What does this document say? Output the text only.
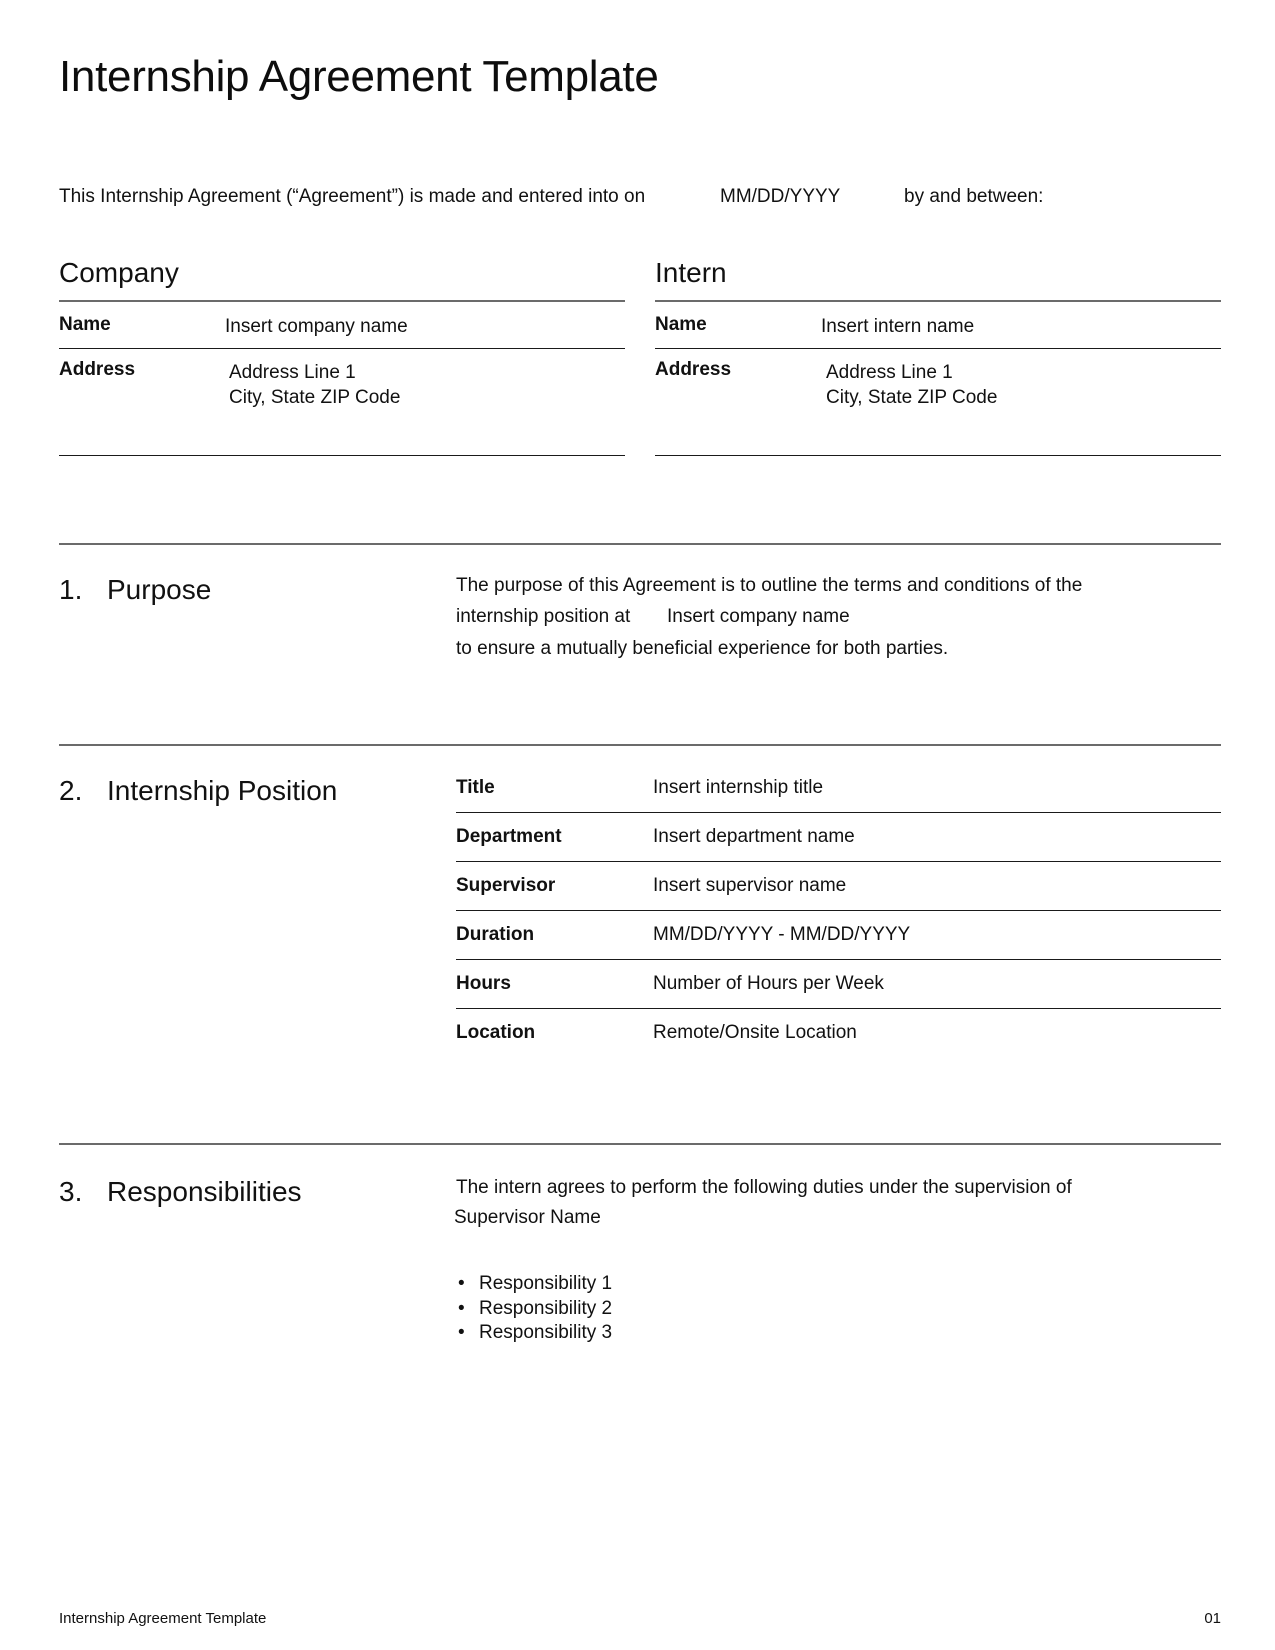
Internship Agreement Template
This Internship Agreement (“Agreement”) is made and entered into on	MM/DD/YYYY	by and between:
Company
Name	Insert company name
Address	Address Line 1
City, State ZIP Code
Intern
Name	Insert intern name
Address	Address Line 1
City, State ZIP Code
1. Purpose	The purpose of this Agreement is to outline the terms and conditions of the
internship position at Insert company name
to ensure a mutually beneficial experience for both parties.
2. Internship Position	Title	Insert internship title
Department	Insert department name
Supervisor	Insert supervisor name
Duration	MM/DD/YYYY - MM/DD/YYYY
Hours	Number of Hours per Week
Location	Remote/Onsite Location
3. Responsibilities	The intern agrees to perform the following duties under the supervision of
Supervisor Name
• Responsibility 1
• Responsibility 2
• Responsibility 3
Internship Agreement Template	01
